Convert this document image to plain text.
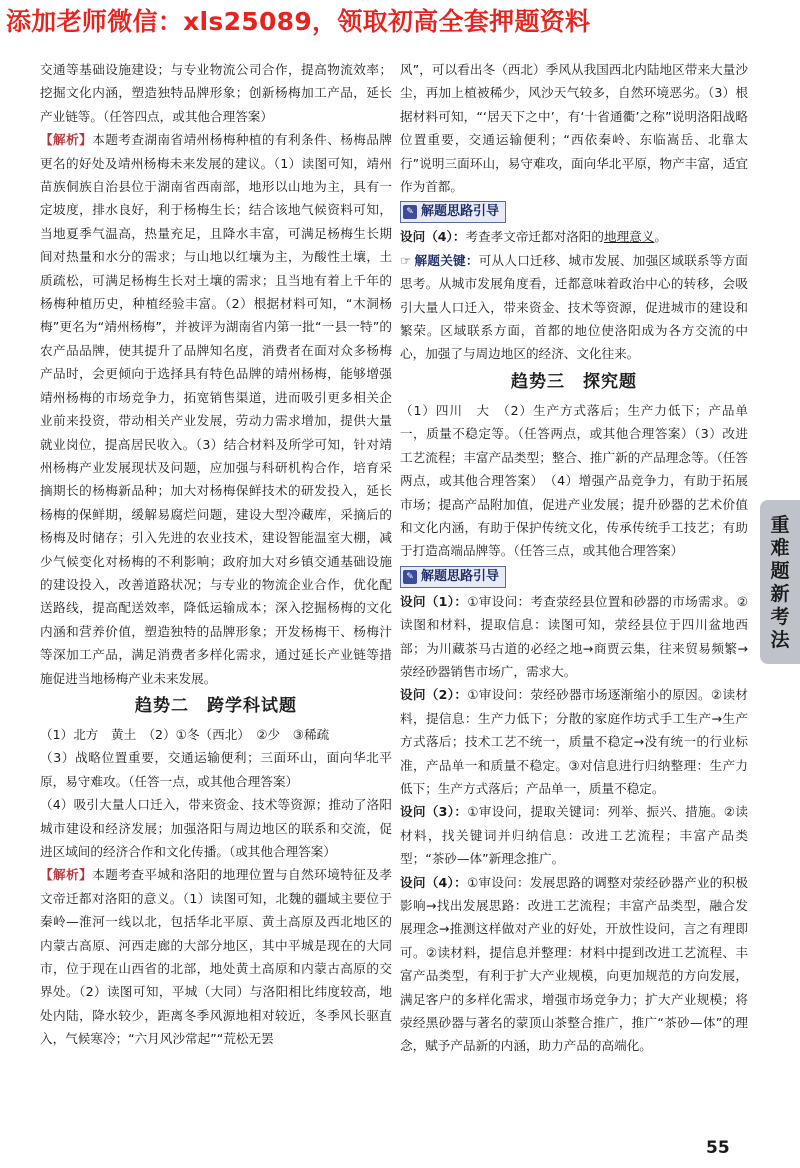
添加老师微信：xls25089，领取初高全套押题资料

交通等基础设施建设；与专业物流公司合作，提高物流效率；挖掘文化内涵，塑造独特品牌形象；创新杨梅加工产品，延长产业链等。（任答四点，或其他合理答案）

【解析】本题考查湖南省靖州杨梅种植的有利条件、杨梅品牌更名的好处及靖州杨梅未来发展的建议。（1）读图可知，靖州苗族侗族自治县位于湖南省西南部，地形以山地为主，具有一定坡度，排水良好，利于杨梅生长；结合该地气候资料可知，当地夏季气温高，热量充足，且降水丰富，可满足杨梅生长期间对热量和水分的需求；与山地以红壤为主，为酸性土壤，土质疏松，可满足杨梅生长对土壤的需求；且当地有着上千年的杨梅种植历史，种植经验丰富。（2）根据材料可知，“木洞杨梅”更名为“靖州杨梅”，并被评为湖南省内第一批“一县一特”的农产品品牌，使其提升了品牌知名度，消费者在面对众多杨梅产品时，会更倾向于选择具有特色品牌的靖州杨梅，能够增强靖州杨梅的市场竞争力，拓宽销售渠道，进而吸引更多相关企业前来投资，带动相关产业发展，劳动力需求增加，提供大量就业岗位，提高居民收入。（3）结合材料及所学可知，针对靖州杨梅产业发展现状及问题，应加强与科研机构合作，培育采摘期长的杨梅新品种；加大对杨梅保鲜技术的研发投入，延长杨梅的保鲜期，缓解易腐烂问题，建设大型冷藏库，采摘后的杨梅及时储存；引入先进的农业技术，建设智能温室大棚，减少气候变化对杨梅的不利影响；政府加大对乡镇交通基础设施的建设投入，改善道路状况；与专业的物流企业合作，优化配送路线，提高配送效率，降低运输成本；深入挖掘杨梅的文化内涵和营养价值，塑造独特的品牌形象；开发杨梅干、杨梅汁等深加工产品，满足消费者多样化需求，通过延长产业链等措施促进当地杨梅产业未来发展。

趋势二 跨学科试题

（1）北方　黄土　（2）①冬（西北）　②少　③稀疏

（3）战略位置重要，交通运输便利；三面环山，面向华北平原，易守难攻。（任答一点，或其他合理答案）

（4）吸引大量人口迁入，带来资金、技术等资源；推动了洛阳城市建设和经济发展；加强洛阳与周边地区的联系和交流，促进区域间的经济合作和文化传播。（或其他合理答案）

【解析】本题考查平城和洛阳的地理位置与自然环境特征及孝文帝迁都对洛阳的意义。（1）读图可知，北魏的疆域主要位于秦岭—淮河一线以北，包括华北平原、黄土高原及西北地区的内蒙古高原、河西走廊的大部分地区，其中平城是现在的大同市，位于现在山西省的北部，地处黄土高原和内蒙古高原的交界处。（2）读图可知，平城（大同）与洛阳相比纬度较高，地处内陆，降水较少，距离冬季风源地相对较近，冬季风长驱直入，气候寒冷；“六月风沙常起”“荒松无罢

风”，可以看出冬（西北）季风从我国西北内陆地区带来大量沙尘，再加上植被稀少，风沙天气较多，自然环境恶劣。（3）根据材料可知，“‘居天下之中’，有‘十省通衢’之称”说明洛阳战略位置重要，交通运输便利；“西依秦岭、东临嵩岳、北靠太行”说明三面环山，易守难攻，面向华北平原，物产丰富，适宜作为首都。

✎ 解题思路引导

设问（4）：考查孝文帝迁都对洛阳的地理意义。

☞ 解题关键：可从人口迁移、城市发展、加强区域联系等方面思考。从城市发展角度看，迁都意味着政治中心的转移，会吸引大量人口迁入，带来资金、技术等资源，促进城市的建设和繁荣。区域联系方面，首都的地位使洛阳成为各方交流的中心，加强了与周边地区的经济、文化往来。

趋势三 探究题

（1）四川　大　（2）生产方式落后；生产力低下；产品单一，质量不稳定等。（任答两点，或其他合理答案）（3）改进工艺流程；丰富产品类型；整合、推广新的产品理念等。（任答两点，或其他合理答案）　（4）增强产品竞争力，有助于拓展市场；提高产品附加值，促进产业发展；提升砂器的艺术价值和文化内涵，有助于保护传统文化，传承传统手工技艺；有助于打造高端品牌等。（任答三点，或其他合理答案）

✎ 解题思路引导

设问（1）：①审设问：考查荥经县位置和砂器的市场需求。②读图和材料，提取信息：读图可知，荥经县位于四川盆地西部；为川藏茶马古道的必经之地→商贾云集，往来贸易频繁→荥经砂器销售市场广，需求大。

设问（2）：①审设问：荥经砂器市场逐渐缩小的原因。②读材料，提信息：生产力低下；分散的家庭作坊式手工生产→生产方式落后；技术工艺不统一，质量不稳定→没有统一的行业标准，产品单一和质量不稳定。③对信息进行归纳整理：生产力低下；生产方式落后；产品单一，质量不稳定。

设问（3）：①审设问，提取关键词：列举、振兴、措施。②读材料，找关键词并归纳信息：改进工艺流程；丰富产品类型；“茶砂—体”新理念推广。

设问（4）：①审设问：发展思路的调整对荥经砂器产业的积极影响→找出发展思路：改进工艺流程；丰富产品类型，融合发展理念→推测这样做对产业的好处，开放性设问，言之有理即可。②读材料，提信息并整理：材料中提到改进工艺流程、丰富产品类型，有利于扩大产业规模，向更加规范的方向发展，满足客户的多样化需求，增强市场竞争力；扩大产业规模；将荥经黑砂器与著名的蒙顶山茶整合推广，推广“茶砂—体”的理念，赋予产品新的内涵，助力产品的高端化。

重难题新考法
55
